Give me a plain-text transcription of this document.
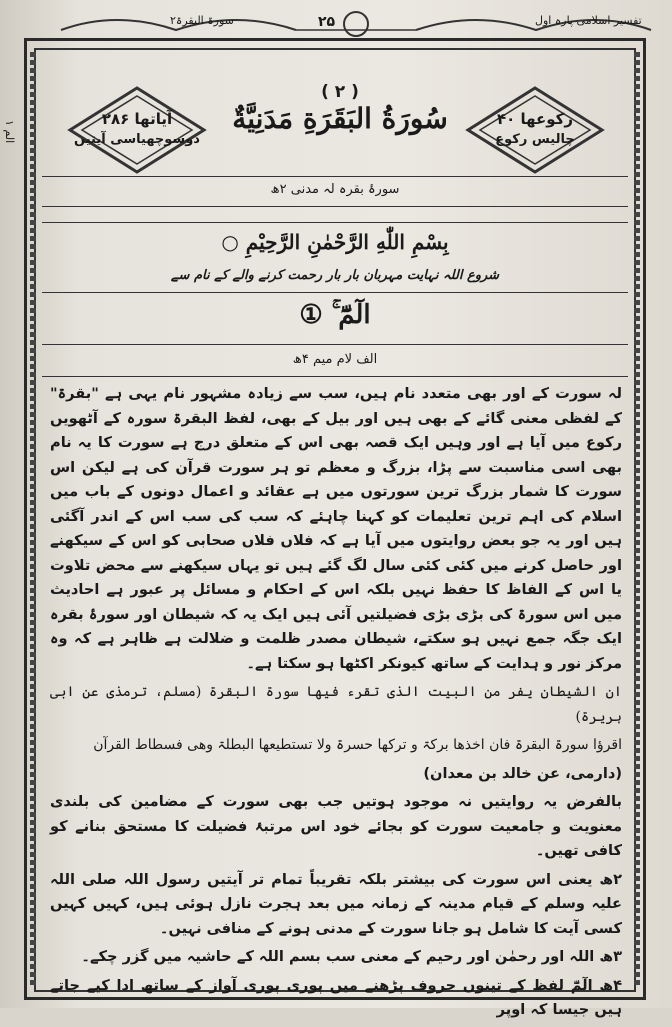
سورۃ البقرۃ۲	۲۵	تفسیر اسلامی پارہ اول
الم ۱
( ۲ )
سُورَةُ البَقَرَةِ مَدَنِيَّةٌ	رکوعھا ۴۰
چالیس رکوع
آیاتھا ۲۸۶
دوسوچھیاسی آیتیں
سورۂ بقرہ لہ مدنی ۲ھ
بِسْمِ اللّٰهِ الرَّحْمٰنِ الرَّحِیْمِ ○
شروع اللہ نہایت مہربان بار بار رحمت کرنے والے کے نام سے
الٓمّٓ ۚ ①
الف لام میم ۴ھ

لہ سورت کے اور بھی متعدد نام ہیں، سب سے زیادہ مشہور نام یہی ہے "بقرۃ" کے لفظی معنی گائے کے بھی ہیں اور بیل کے بھی، لفظ البقرۃ سورہ کے آٹھویں رکوع میں آیا ہے اور وہیں ایک قصہ بھی اس کے متعلق درج ہے سورت کا یہ نام بھی اسی مناسبت سے پڑا، بزرگ و معظم تو ہر سورت قرآن کی ہے لیکن اس سورت کا شمار بزرگ ترین سورتوں میں ہے عقائد و اعمال دونوں کے باب میں اسلام کی اہم ترین تعلیمات کو کہنا چاہئے کہ سب کی سب اس کے اندر آگئی ہیں اور یہ جو بعض روایتوں میں آیا ہے کہ فلاں فلاں صحابی کو اس کے سیکھنے اور حاصل کرنے میں کئی کئی سال لگ گئے ہیں تو یہاں سیکھنے سے محض تلاوت یا اس کے الفاظ کا حفظ نہیں بلکہ اس کے احکام و مسائل پر عبور ہے احادیث میں اس سورۃ کی بڑی بڑی فضیلتیں آئی ہیں ایک یہ کہ شیطان اور سورۂ بقرہ ایک جگہ جمع نہیں ہو سکتے، شیطان مصدر ظلمت و ضلالت ہے ظاہر ہے کہ وہ مرکز نور و ہدایت کے ساتھ کیونکر اکٹھا ہو سکتا ہے۔

ان الشیطان یفر من البیت الذی تقرء فیھا سورۃ البقرۃ (مسلم، ترمذی عن ابی ہریرۃ)

اقرؤا سورۃ البقرۃ فان اخذھا برکۃ و ترکھا حسرۃ ولا تستطیعھا البطلۃ وھی فسطاط القرآن

(دارمی، عن خالد بن معدان)

بالفرض یہ روایتیں نہ موجود ہوتیں جب بھی سورت کے مضامین کی بلندی معنویت و جامعیت سورت کو بجائے خود اس مرتبۂ فضیلت کا مستحق بنانے کو کافی تھیں۔

۲ھ یعنی اس سورت کی بیشتر بلکہ تقریباً تمام تر آیتیں رسول اللہ صلی اللہ علیہ وسلم کے قیام مدینہ کے زمانہ میں بعد ہجرت نازل ہوئی ہیں، کہیں کہیں کسی آیت کا شامل ہو جانا سورت کے مدنی ہونے کے منافی نہیں۔

۳ھ اللہ اور رحمٰن اور رحیم کے معنی سب بسم اللہ کے حاشیہ میں گزر چکے۔

۴ھ الٓمّٓ لفظ کے تینوں حروف پڑھنے میں پوری پوری آواز کے ساتھ ادا کیے جاتے ہیں جیسا کہ اوپر
